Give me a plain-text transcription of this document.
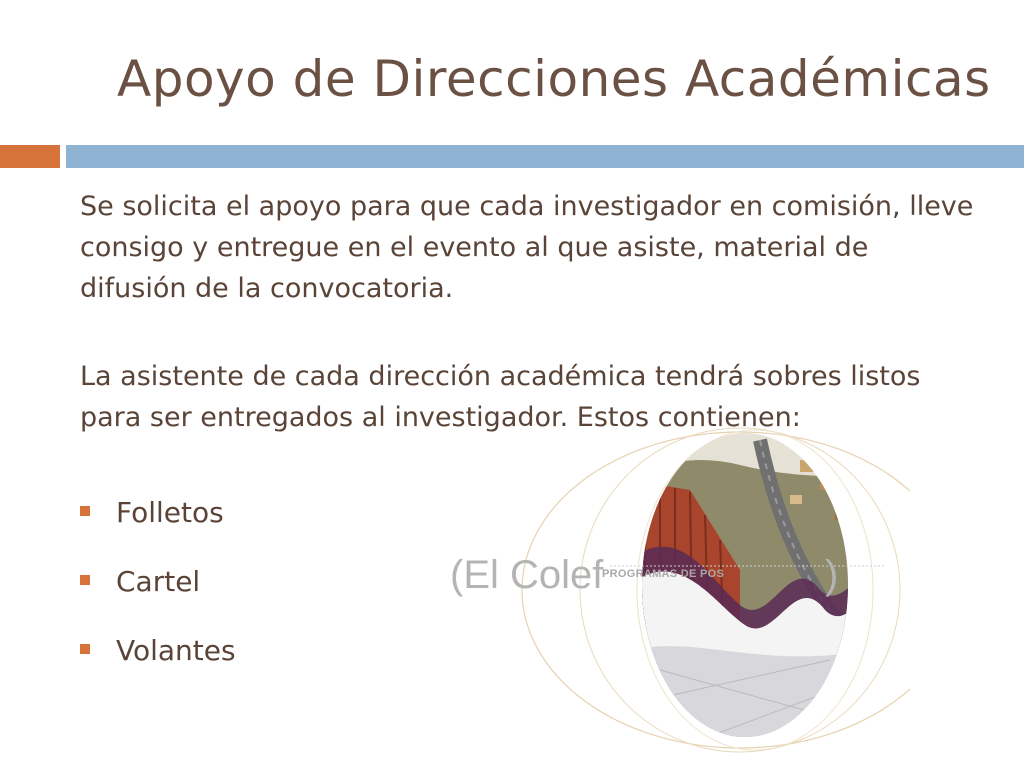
Apoyo de Direcciones Académicas

Se solicita el apoyo para que cada investigador en comisión, lleve consigo y entregue en el evento al que asiste, material de difusión de la convocatoria.

La asistente de cada dirección académica tendrá sobres listos para ser entregados al investigador. Estos contienen:

(El Colef
PROGRAMAS DE POS	)
Folletos
Cartel
Volantes
